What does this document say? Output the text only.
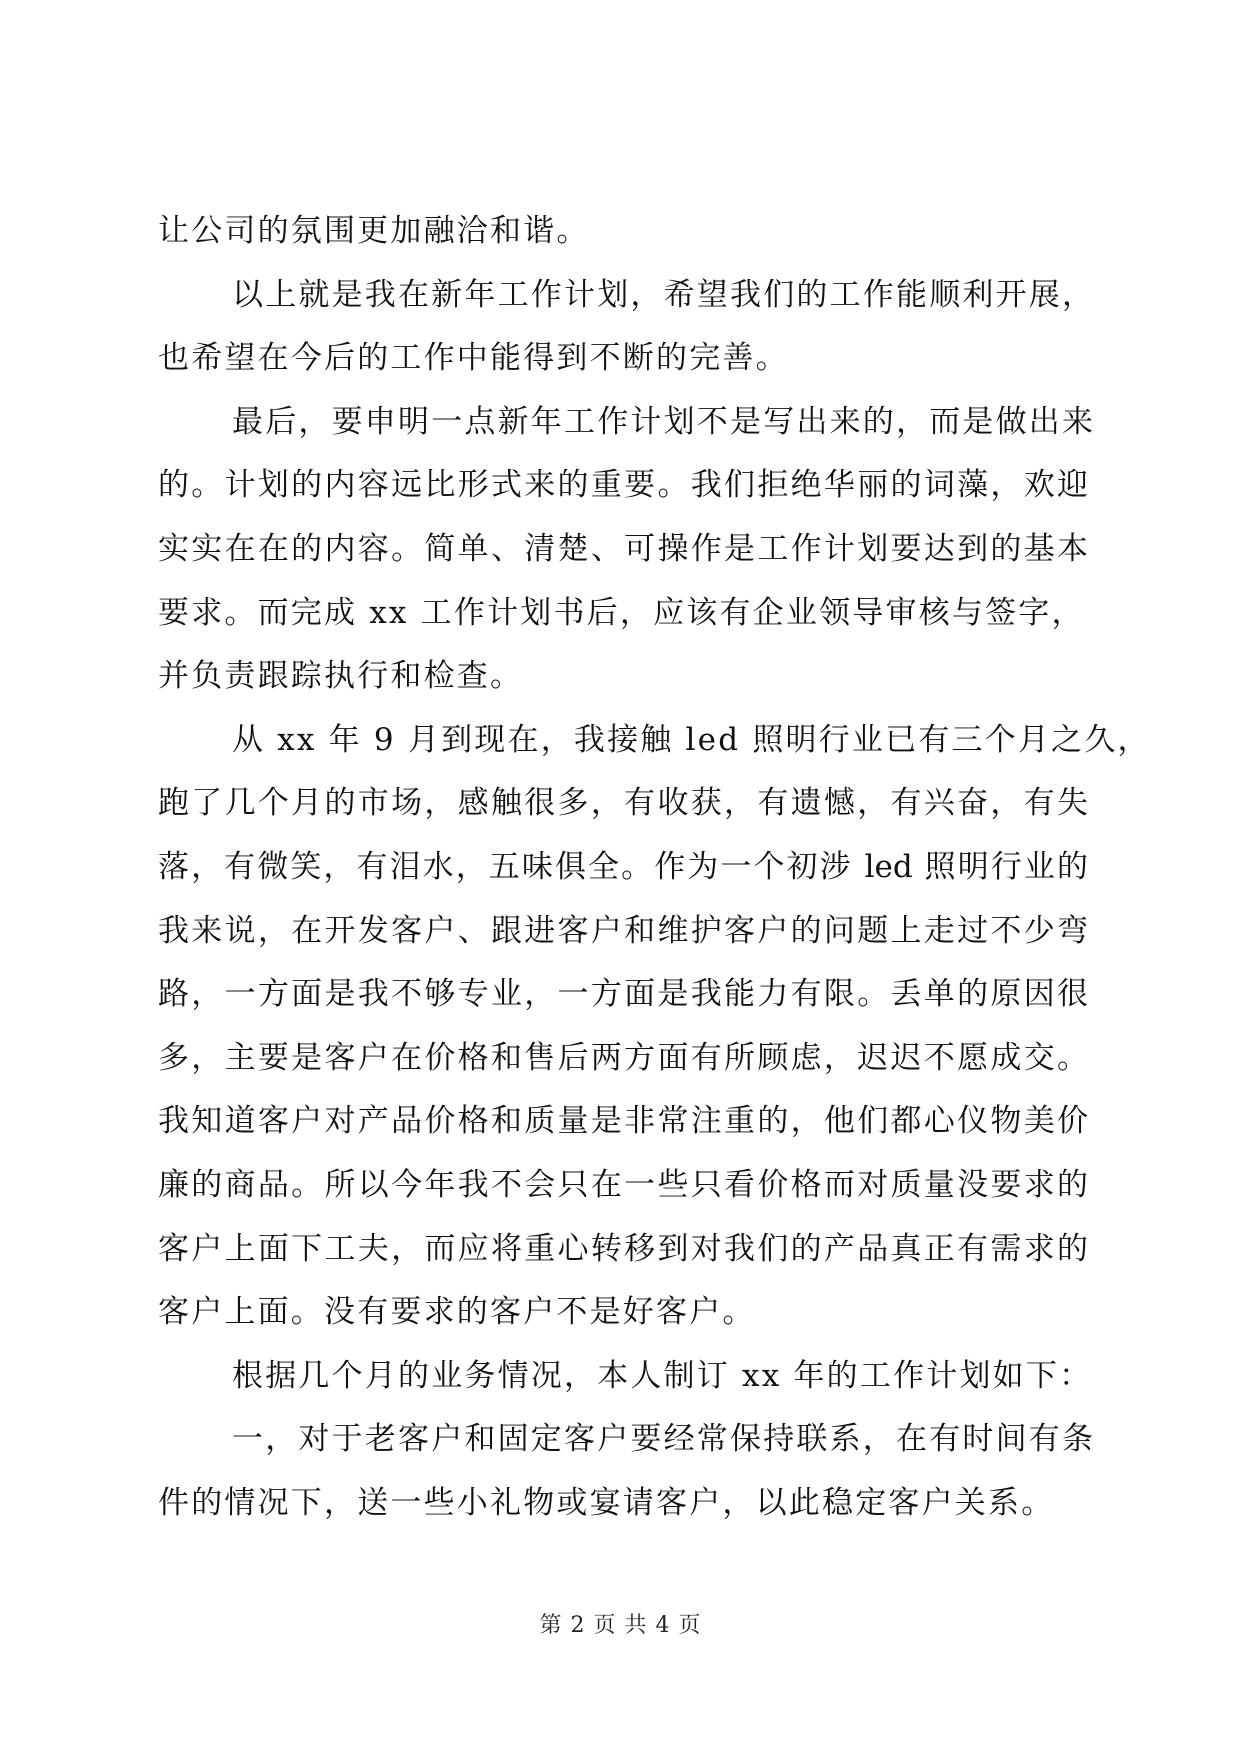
让公司的氛围更加融洽和谐。
以上就是我在新年工作计划，希望我们的工作能顺利开展，
也希望在今后的工作中能得到不断的完善。
最后，要申明一点新年工作计划不是写出来的，而是做出来
的。计划的内容远比形式来的重要。我们拒绝华丽的词藻，欢迎
实实在在的内容。简单、清楚、可操作是工作计划要达到的基本
要求。而完成 xx 工作计划书后，应该有企业领导审核与签字，
并负责跟踪执行和检查。
从 xx 年 9 月到现在，我接触 led 照明行业已有三个月之久，
跑了几个月的市场，感触很多，有收获，有遗憾，有兴奋，有失
落，有微笑，有泪水，五味俱全。作为一个初涉 led 照明行业的
我来说，在开发客户、跟进客户和维护客户的问题上走过不少弯
路，一方面是我不够专业，一方面是我能力有限。丢单的原因很
多，主要是客户在价格和售后两方面有所顾虑，迟迟不愿成交。
我知道客户对产品价格和质量是非常注重的，他们都心仪物美价
廉的商品。所以今年我不会只在一些只看价格而对质量没要求的
客户上面下工夫，而应将重心转移到对我们的产品真正有需求的
客户上面。没有要求的客户不是好客户。
根据几个月的业务情况，本人制订 xx 年的工作计划如下：
一，对于老客户和固定客户要经常保持联系，在有时间有条
件的情况下，送一些小礼物或宴请客户，以此稳定客户关系。
第 2 页 共 4 页
